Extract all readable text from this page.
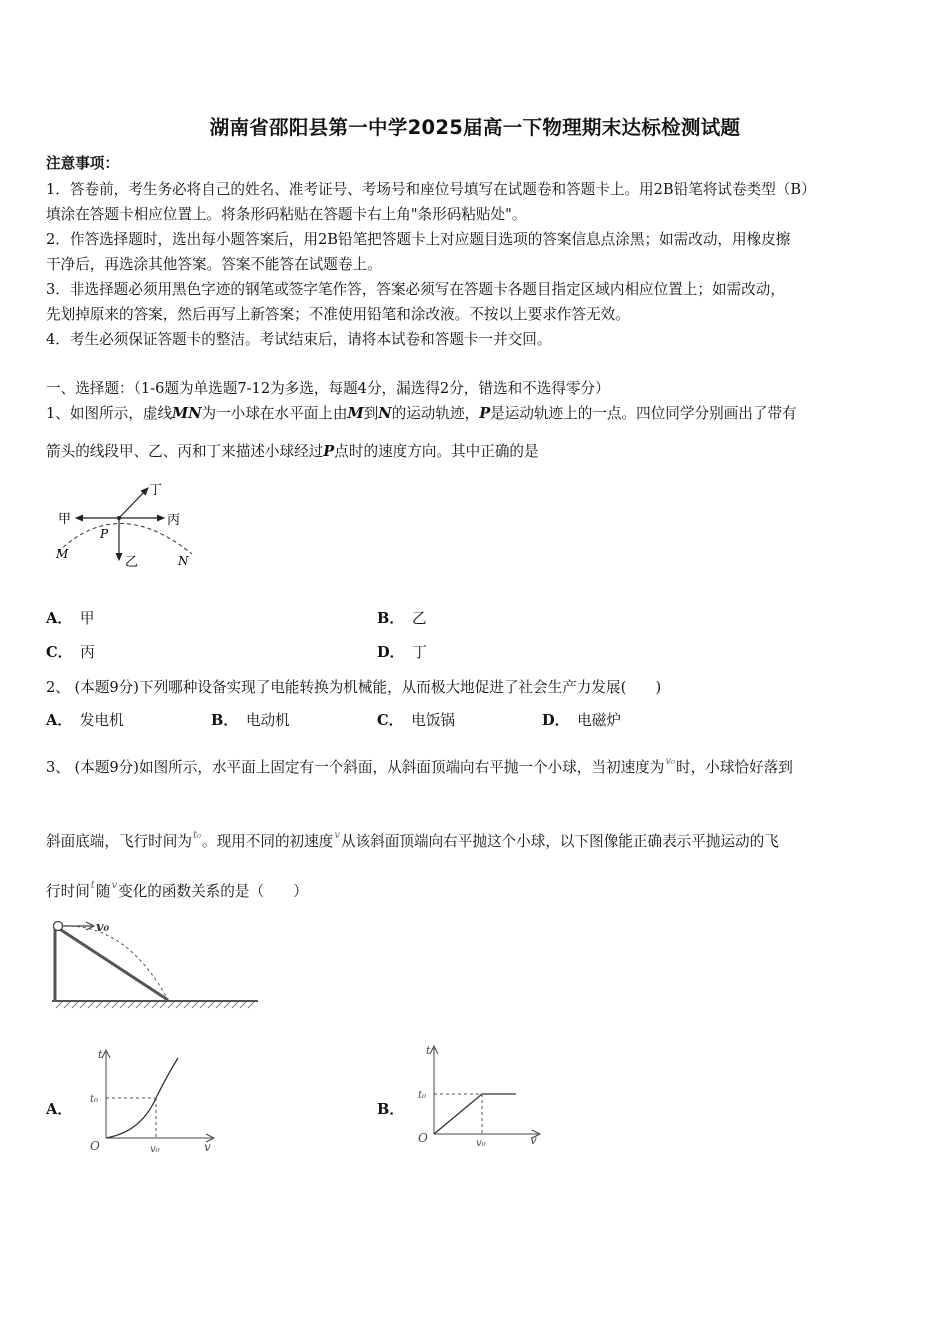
湖南省邵阳县第一中学2025届高一下物理期末达标检测试题
注意事项：
1．答卷前，考生务必将自己的姓名、准考证号、考场号和座位号填写在试题卷和答题卡上。用2B铅笔将试卷类型（B）
填涂在答题卡相应位置上。将条形码粘贴在答题卡右上角"条形码粘贴处"。
2．作答选择题时，选出每小题答案后，用2B铅笔把答题卡上对应题目选项的答案信息点涂黑；如需改动，用橡皮擦
干净后，再选涂其他答案。答案不能答在试题卷上。
3．非选择题必须用黑色字迹的钢笔或签字笔作答，答案必须写在答题卡各题目指定区域内相应位置上；如需改动，
先划掉原来的答案，然后再写上新答案；不准使用铅笔和涂改液。不按以上要求作答无效。
4．考生必须保证答题卡的整洁。考试结束后，请将本试卷和答题卡一并交回。
一、选择题：（1-6题为单选题7-12为多选，每题4分，漏选得2分，错选和不选得零分）
1、如图所示，虚线MN为一小球在水平面上由M到N的运动轨迹，P是运动轨迹上的一点。四位同学分别画出了带有
箭头的线段甲、乙、丙和丁来描述小球经过P点时的速度方向。其中正确的是
甲	丙
丁
乙
P
M	N
A． 甲	B． 乙
C． 丙	D． 丁
2、 (本题9分)下列哪种设备实现了电能转换为机械能，从而极大地促进了社会生产力发展(　　)
A． 发电机	B． 电动机	C． 电饭锅	D． 电磁炉
3、 (本题9分)如图所示，水平面上固定有一个斜面，从斜面顶端向右平抛一个小球，当初速度为$^{v_0}$时，小球恰好落到
斜面底端，飞行时间为$^{t_0}$。现用不同的初速度$^v$从该斜面顶端向右平抛这个小球，以下图像能正确表示平抛运动的飞
行时间$^t$随$^v$变化的函数关系的是（　　）
v₀
A．
t
t₀
O	v₀	v
B．
t
t₀
O	v₀	v
